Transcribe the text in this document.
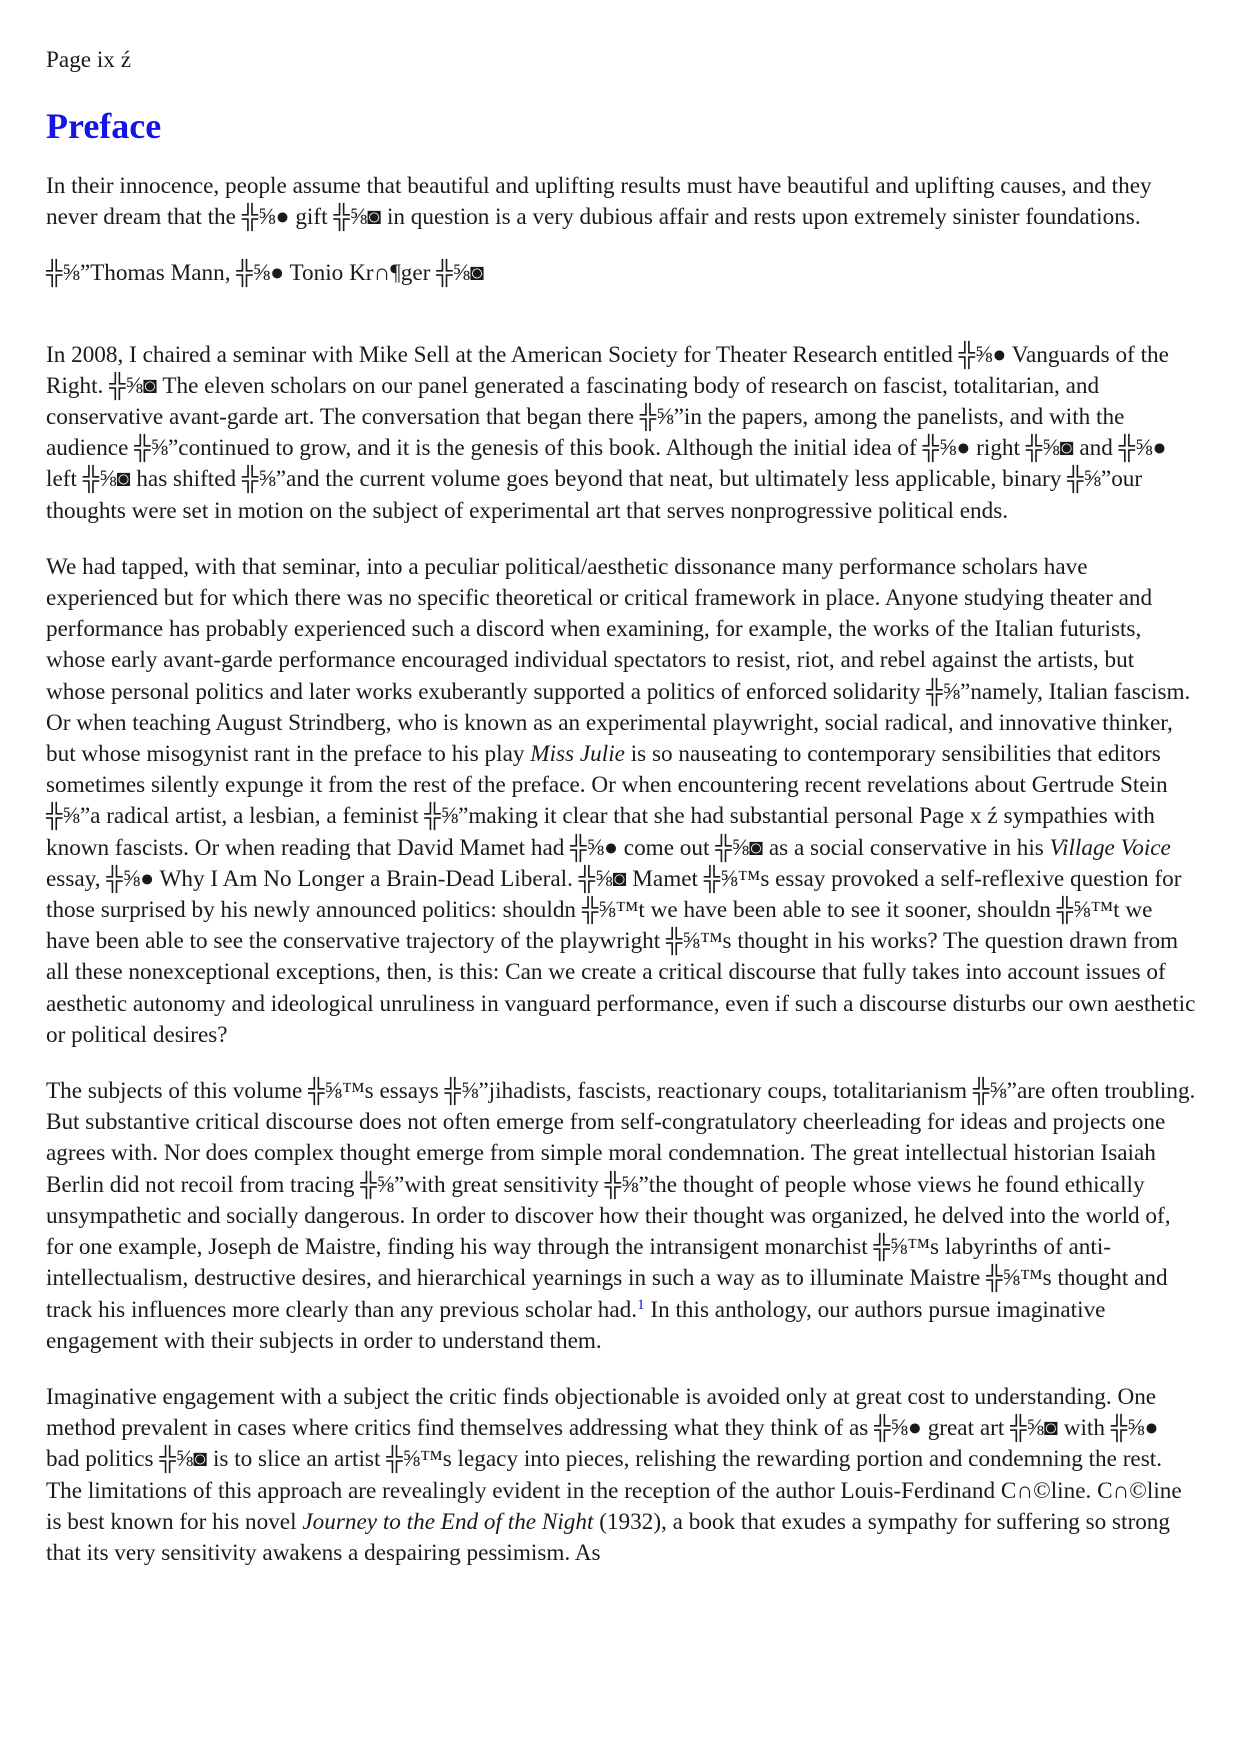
Page ix ź
Preface

In their innocence, people assume that beautiful and uplifting results must have beautiful and uplifting causes, and they never dream that the ╬⅝● gift ╬⅝◙ in question is a very dubious affair and rests upon extremely sinister foundations.

╬⅝”Thomas Mann, ╬⅝● Tonio Kr∩¶ger ╬⅝◙

In 2008, I chaired a seminar with Mike Sell at the American Society for Theater Research entitled ╬⅝● Vanguards of the Right. ╬⅝◙ The eleven scholars on our panel generated a fascinating body of research on fascist, totalitarian, and conservative avant-garde art. The conversation that began there ╬⅝”in the papers, among the panelists, and with the audience ╬⅝”continued to grow, and it is the genesis of this book. Although the initial idea of ╬⅝● right ╬⅝◙ and ╬⅝● left ╬⅝◙ has shifted ╬⅝”and the current volume goes beyond that neat, but ultimately less applicable, binary ╬⅝”our thoughts were set in motion on the subject of experimental art that serves nonprogressive political ends.

We had tapped, with that seminar, into a peculiar political/aesthetic dissonance many performance scholars have experienced but for which there was no specific theoretical or critical framework in place. Anyone studying theater and performance has probably experienced such a discord when examining, for example, the works of the Italian futurists, whose early avant-garde performance encouraged individual spectators to resist, riot, and rebel against the artists, but whose personal politics and later works exuberantly supported a politics of enforced solidarity ╬⅝”namely, Italian fascism. Or when teaching August Strindberg, who is known as an experimental playwright, social radical, and innovative thinker, but whose misogynist rant in the preface to his play Miss Julie is so nauseating to contemporary sensibilities that editors sometimes silently expunge it from the rest of the preface. Or when encountering recent revelations about Gertrude Stein ╬⅝”a radical artist, a lesbian, a feminist ╬⅝”making it clear that she had substantial personal Page x ź sympathies with known fascists. Or when reading that David Mamet had ╬⅝● come out ╬⅝◙ as a social conservative in his Village Voice essay, ╬⅝● Why I Am No Longer a Brain-Dead Liberal. ╬⅝◙ Mamet ╬⅝™s essay provoked a self-reflexive question for those surprised by his newly announced politics: shouldn ╬⅝™t we have been able to see it sooner, shouldn ╬⅝™t we have been able to see the conservative trajectory of the playwright ╬⅝™s thought in his works? The question drawn from all these nonexceptional exceptions, then, is this: Can we create a critical discourse that fully takes into account issues of aesthetic autonomy and ideological unruliness in vanguard performance, even if such a discourse disturbs our own aesthetic or political desires?

The subjects of this volume ╬⅝™s essays ╬⅝”jihadists, fascists, reactionary coups, totalitarianism ╬⅝”are often troubling. But substantive critical discourse does not often emerge from self-congratulatory cheerleading for ideas and projects one agrees with. Nor does complex thought emerge from simple moral condemnation. The great intellectual historian Isaiah Berlin did not recoil from tracing ╬⅝”with great sensitivity ╬⅝”the thought of people whose views he found ethically unsympathetic and socially dangerous. In order to discover how their thought was organized, he delved into the world of, for one example, Joseph de Maistre, finding his way through the intransigent monarchist ╬⅝™s labyrinths of anti-intellectualism, destructive desires, and hierarchical yearnings in such a way as to illuminate Maistre ╬⅝™s thought and track his influences more clearly than any previous scholar had.$^1$ In this anthology, our authors pursue imaginative engagement with their subjects in order to understand them.

Imaginative engagement with a subject the critic finds objectionable is avoided only at great cost to understanding. One method prevalent in cases where critics find themselves addressing what they think of as ╬⅝● great art ╬⅝◙ with ╬⅝● bad politics ╬⅝◙ is to slice an artist ╬⅝™s legacy into pieces, relishing the rewarding portion and condemning the rest. The limitations of this approach are revealingly evident in the reception of the author Louis-Ferdinand C∩©line. C∩©line is best known for his novel Journey to the End of the Night (1932), a book that exudes a sympathy for suffering so strong that its very sensitivity awakens a despairing pessimism. As
